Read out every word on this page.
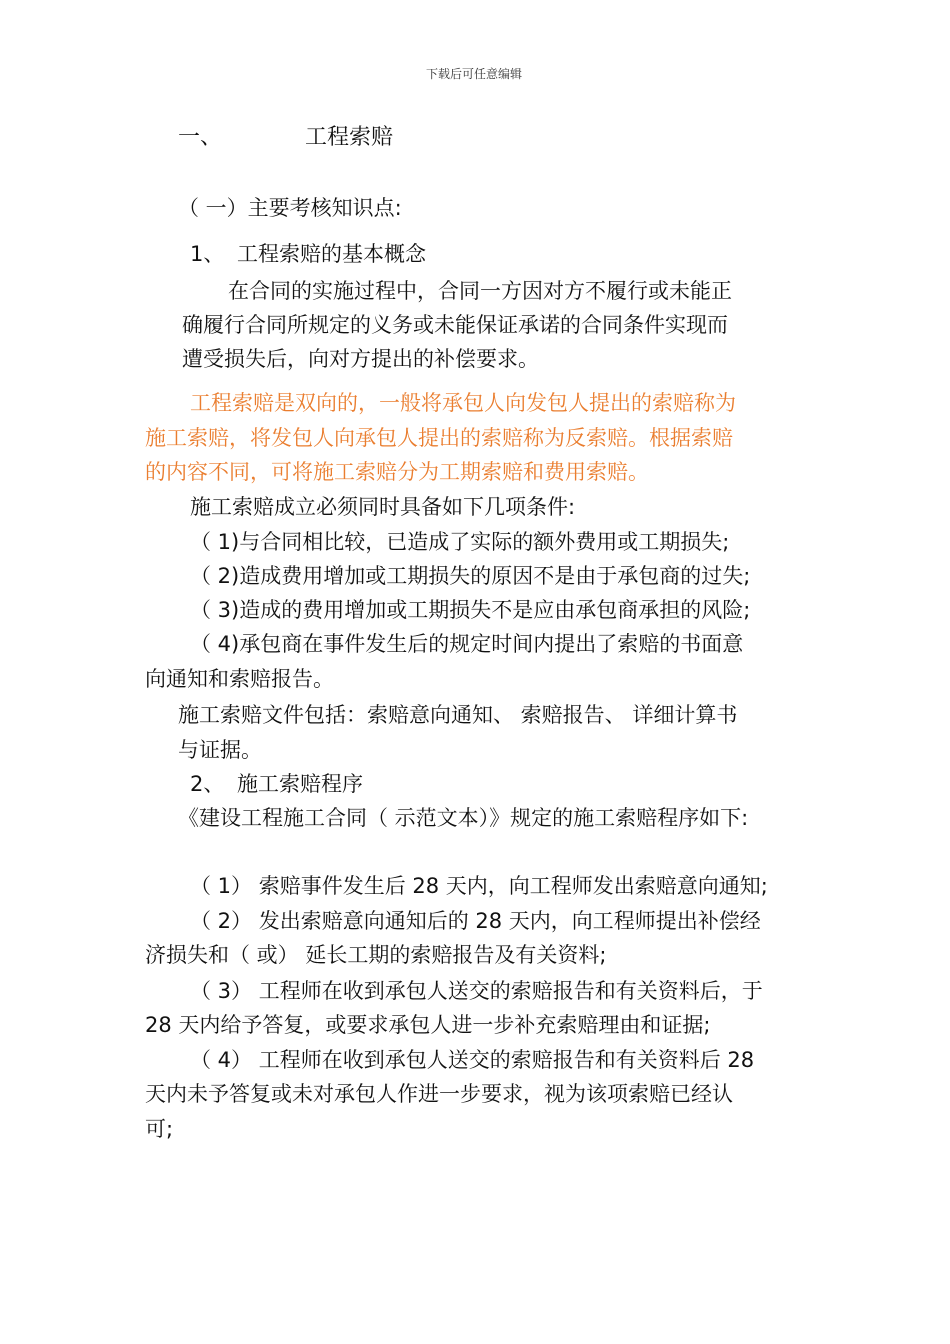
下载后可任意编辑
一、	工程索赔
（ 一）主要考核知识点:
1、 工程索赔的基本概念
在合同的实施过程中，合同一方因对方不履行或未能正
确履行合同所规定的义务或未能保证承诺的合同条件实现而
遭受损失后，向对方提出的补偿要求。
工程索赔是双向的，一般将承包人向发包人提出的索赔称为
施工索赔，将发包人向承包人提出的索赔称为反索赔。根据索赔
的内容不同，可将施工索赔分为工期索赔和费用索赔。
施工索赔成立必须同时具备如下几项条件:
（ 1)与合同相比较，已造成了实际的额外费用或工期损失;
（ 2)造成费用增加或工期损失的原因不是由于承包商的过失;
（ 3)造成的费用增加或工期损失不是应由承包商承担的风险;
（ 4)承包商在事件发生后的规定时间内提出了索赔的书面意
向通知和索赔报告。
施工索赔文件包括：索赔意向通知、 索赔报告、 详细计算书
与证据。
2、 施工索赔程序
《建设工程施工合同（ 示范文本）》规定的施工索赔程序如下:
（ 1） 索赔事件发生后 28 天内，向工程师发出索赔意向通知;
（ 2） 发出索赔意向通知后的 28 天内，向工程师提出补偿经
济损失和（ 或） 延长工期的索赔报告及有关资料;
（ 3） 工程师在收到承包人送交的索赔报告和有关资料后，于
28 天内给予答复，或要求承包人进一步补充索赔理由和证据;
（ 4） 工程师在收到承包人送交的索赔报告和有关资料后 28
天内未予答复或未对承包人作进一步要求，视为该项索赔已经认
可;
